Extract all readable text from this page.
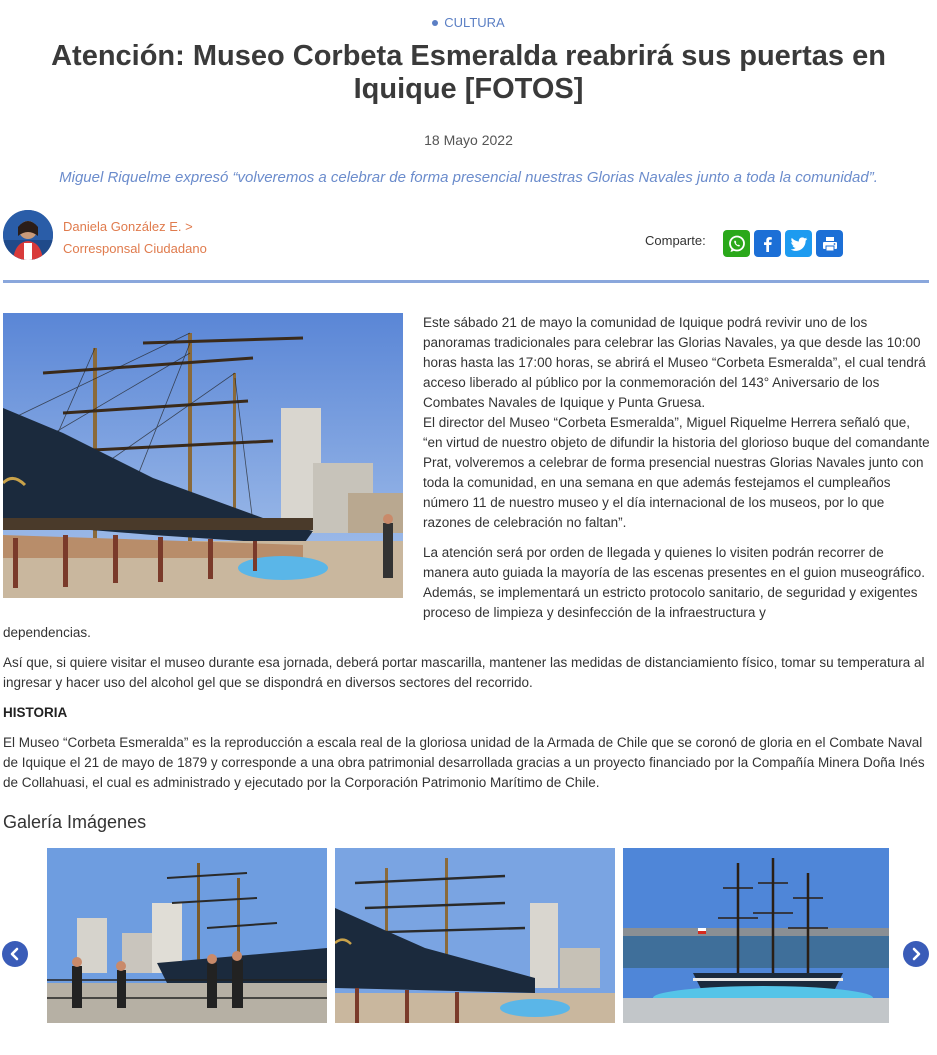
CULTURA
Atención: Museo Corbeta Esmeralda reabrirá sus puertas en Iquique [FOTOS]
18 Mayo 2022

Miguel Riquelme expresó “volveremos a celebrar de forma presencial nuestras Glorias Navales junto a toda la comunidad”.

Daniela González E. >
Corresponsal Ciudadano
Comparte:

Este sábado 21 de mayo la comunidad de Iquique podrá revivir uno de los panoramas tradicionales para celebrar las Glorias Navales, ya que desde las 10:00 horas hasta las 17:00 horas, se abrirá el Museo “Corbeta Esmeralda”, el cual tendrá acceso liberado al público por la conmemoración del 143° Aniversario de los Combates Navales de Iquique y Punta Gruesa.

El director del Museo “Corbeta Esmeralda”, Miguel Riquelme Herrera señaló que, “en virtud de nuestro objeto de difundir la historia del glorioso buque del comandante Prat, volveremos a celebrar de forma presencial nuestras Glorias Navales junto con toda la comunidad, en una semana en que además festejamos el cumpleaños número 11 de nuestro museo y el día internacional de los museos, por lo que razones de celebración no faltan”.

La atención será por orden de llegada y quienes lo visiten podrán recorrer de manera auto guiada la mayoría de las escenas presentes en el guion museográfico. Además, se implementará un estricto protocolo sanitario, de seguridad y exigentes proceso de limpieza y desinfección de la infraestructura y

dependencias.

Así que, si quiere visitar el museo durante esa jornada, deberá portar mascarilla, mantener las medidas de distanciamiento físico, tomar su temperatura al ingresar y hacer uso del alcohol gel que se dispondrá en diversos sectores del recorrido.

HISTORIA

El Museo “Corbeta Esmeralda” es la reproducción a escala real de la gloriosa unidad de la Armada de Chile que se coronó de gloria en el Combate Naval de Iquique el 21 de mayo de 1879 y corresponde a una obra patrimonial desarrollada gracias a un proyecto financiado por la Compañía Minera Doña Inés de Collahuasi, el cual es administrado y ejecutado por la Corporación Patrimonio Marítimo de Chile.

Galería Imágenes
